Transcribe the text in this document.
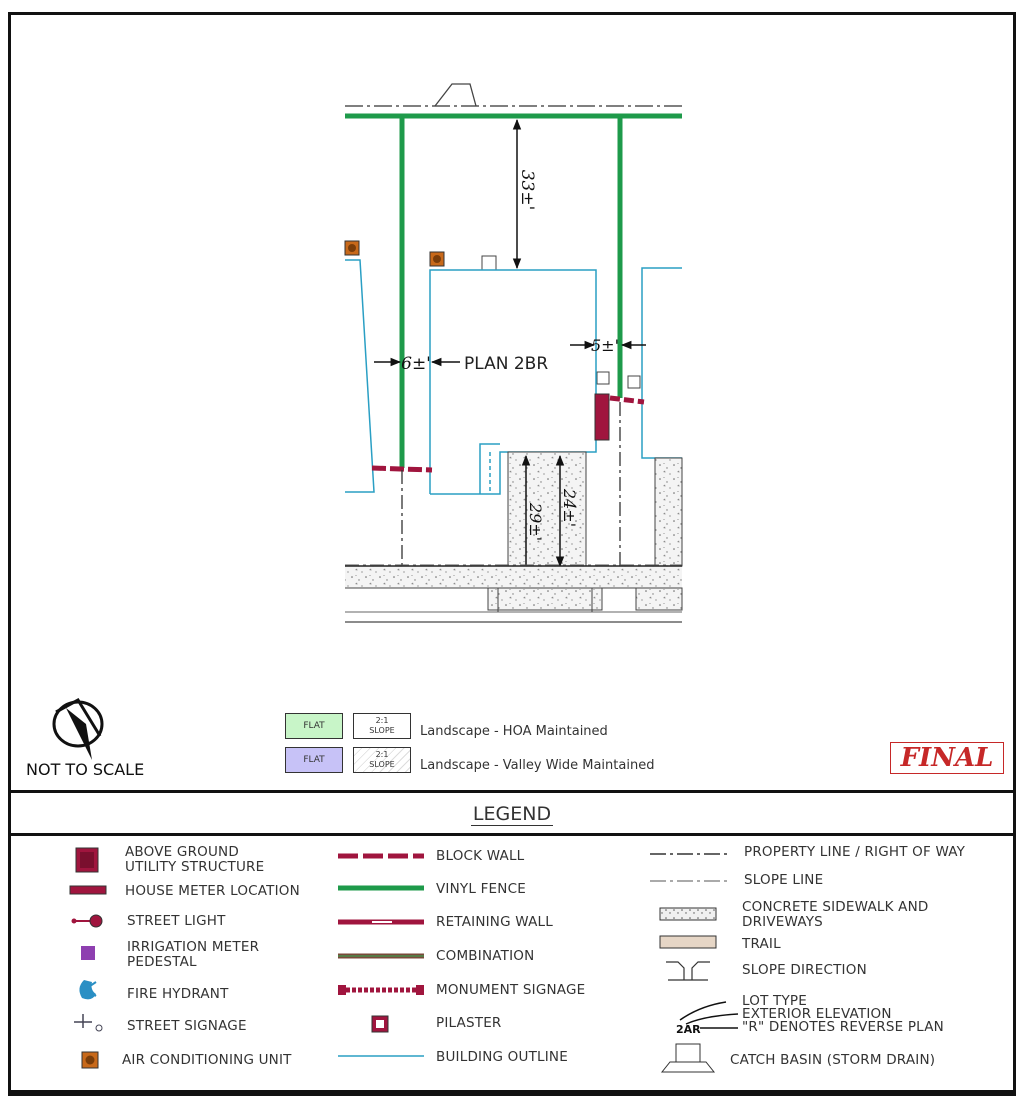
33±'
6±' PLAN 2BR
5±'
29±' 24±'
NOT TO SCALE
FLAT
2:1
SLOPE	Landscape - HOA Maintained
FLAT
2:1
SLOPE	Landscape - Valley Wide Maintained	FINAL
LEGEND
2AR
ABOVE GROUND
UTILITY STRUCTURE
HOUSE METER LOCATION
STREET LIGHT
IRRIGATION METER
PEDESTAL
FIRE HYDRANT
STREET SIGNAGE
AIR CONDITIONING UNIT
BLOCK WALL
VINYL FENCE
RETAINING WALL
COMBINATION
MONUMENT SIGNAGE
PILASTER
BUILDING OUTLINE
PROPERTY LINE / RIGHT OF WAY
SLOPE LINE
CONCRETE SIDEWALK AND
DRIVEWAYS
TRAIL
SLOPE DIRECTION
LOT TYPE
EXTERIOR ELEVATION
"R" DENOTES REVERSE PLAN
CATCH BASIN (STORM DRAIN)
